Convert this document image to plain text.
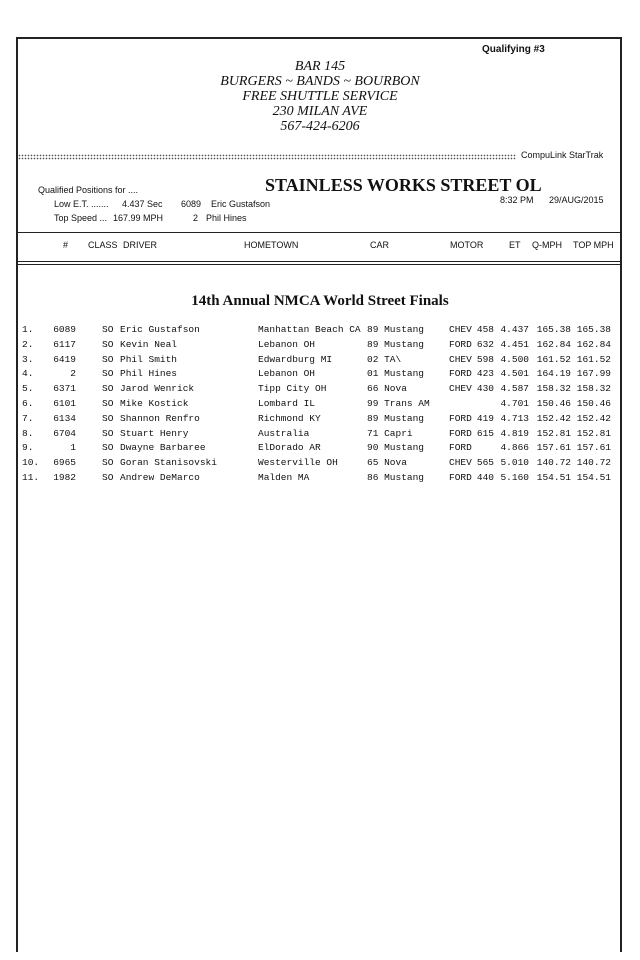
Qualifying #3
BAR 145
BURGERS ~ BANDS ~ BOURBON
FREE SHUTTLE SERVICE
230 MILAN AVE
567-424-6206
CompuLink StarTrak
Qualified Positions for ....	STAINLESS WORKS STREET OL
8:32 PM 29/AUG/2015
Low E.T. ....... 4.437 Sec 6089 Eric Gustafson
Top Speed ... 167.99 MPH	2 Phil Hines
# CLASS DRIVER	HOMETOWN	CAR	MOTOR	ET Q-MPH TOP MPH
14th Annual NMCA World Street Finals
1.	6089	SO Eric Gustafson	Manhattan Beach CA 89 Mustang	CHEV 458 4.437 165.38 165.38
2.	6117	SO Kevin Neal	Lebanon OH	89 Mustang	FORD 632 4.451 162.84 162.84
3.	6419	SO Phil Smith	Edwardburg MI	02 TA\	CHEV 598 4.500 161.52 161.52
4.	2	SO Phil Hines	Lebanon OH	01 Mustang	FORD 423 4.501 164.19 167.99
5.	6371	SO Jarod Wenrick	Tipp City OH	66 Nova	CHEV 430 4.587 158.32 158.32
6.	6101	SO Mike Kostick	Lombard IL	99 Trans AM	4.701 150.46 150.46
7.	6134	SO Shannon Renfro	Richmond KY	89 Mustang	FORD 419 4.713 152.42 152.42
8.	6704	SO Stuart Henry	Australia	71 Capri	FORD 615 4.819 152.81 152.81
9.	1	SO Dwayne Barbaree	ElDorado AR	90 Mustang	FORD	4.866 157.61 157.61
10.	6965	SO Goran Stanisovski	Westerville OH	65 Nova	CHEV 565 5.010 140.72 140.72
11.	1982	SO Andrew DeMarco	Malden MA	86 Mustang	FORD 440 5.160 154.51 154.51
